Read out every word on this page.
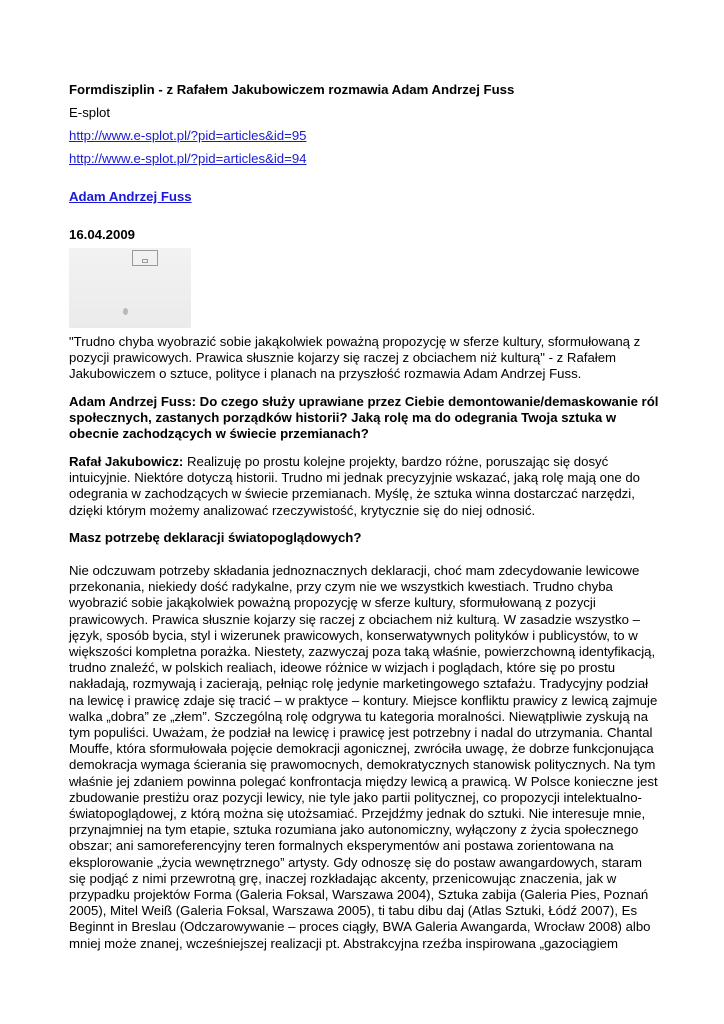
Formdisziplin - z Rafałem Jakubowiczem rozmawia Adam Andrzej Fuss
E-splot
http://www.e-splot.pl/?pid=articles&id=95
http://www.e-splot.pl/?pid=articles&id=94
Adam Andrzej Fuss
16.04.2009
"Trudno chyba wyobrazić sobie jakąkolwiek poważną propozycję w sferze kultury, sformułowaną z pozycji prawicowych. Prawica słusznie kojarzy się raczej z obciachem niż kulturą" - z Rafałem Jakubowiczem o sztuce, polityce i planach na przyszłość rozmawia Adam Andrzej Fuss.
Adam Andrzej Fuss: Do czego służy uprawiane przez Ciebie demontowanie/demaskowanie ról społecznych, zastanych porządków historii? Jaką rolę ma do odegrania Twoja sztuka w obecnie zachodzących w świecie przemianach?
Rafał Jakubowicz: Realizuję po prostu kolejne projekty, bardzo różne, poruszając się dosyć intuicyjnie. Niektóre dotyczą historii. Trudno mi jednak precyzyjnie wskazać, jaką rolę mają one do odegrania w zachodzących w świecie przemianach. Myślę, że sztuka winna dostarczać narzędzi, dzięki którym możemy analizować rzeczywistość, krytycznie się do niej odnosić.
Masz potrzebę deklaracji światopoglądowych?
Nie odczuwam potrzeby składania jednoznacznych deklaracji, choć mam zdecydowanie lewicowe przekonania, niekiedy dość radykalne, przy czym nie we wszystkich kwestiach. Trudno chyba wyobrazić sobie jakąkolwiek poważną propozycję w sferze kultury, sformułowaną z pozycji prawicowych. Prawica słusznie kojarzy się raczej z obciachem niż kulturą. W zasadzie wszystko – język, sposób bycia, styl i wizerunek prawicowych, konserwatywnych polityków i publicystów, to w większości kompletna porażka. Niestety, zazwyczaj poza taką właśnie, powierzchowną identyfikacją, trudno znaleźć, w polskich realiach, ideowe różnice w wizjach i poglądach, które się po prostu nakładają, rozmywają i zacierają, pełniąc rolę jedynie marketingowego sztafażu. Tradycyjny podział na lewicę i prawicę zdaje się tracić – w praktyce – kontury. Miejsce konfliktu prawicy z lewicą zajmuje walka „dobra” ze „złem”. Szczególną rolę odgrywa tu kategoria moralności. Niewątpliwie zyskują na tym populiści. Uważam, że podział na lewicę i prawicę jest potrzebny i nadal do utrzymania. Chantal Mouffe, która sformułowała pojęcie demokracji agonicznej, zwróciła uwagę, że dobrze funkcjonująca demokracja wymaga ścierania się prawomocnych, demokratycznych stanowisk politycznych. Na tym właśnie jej zdaniem powinna polegać konfrontacja między lewicą a prawicą. W Polsce konieczne jest zbudowanie prestiżu oraz pozycji lewicy, nie tyle jako partii politycznej, co propozycji intelektualno-światopoglądowej, z którą można się utożsamiać. Przejdźmy jednak do sztuki. Nie interesuje mnie, przynajmniej na tym etapie, sztuka rozumiana jako autonomiczny, wyłączony z życia społecznego obszar; ani samoreferencyjny teren formalnych eksperymentów ani postawa zorientowana na eksplorowanie „życia wewnętrznego” artysty. Gdy odnoszę się do postaw awangardowych, staram się podjąć z nimi przewrotną grę, inaczej rozkładając akcenty, przenicowując znaczenia, jak w przypadku projektów Forma (Galeria Foksal, Warszawa 2004), Sztuka zabija (Galeria Pies, Poznań 2005), Mitel Weiß (Galeria Foksal, Warszawa 2005), ti tabu dibu daj (Atlas Sztuki, Łódź 2007), Es Beginnt in Breslau (Odczarowywanie – proces ciągły, BWA Galeria Awangarda, Wrocław 2008) albo mniej może znanej, wcześniejszej realizacji pt. Abstrakcyjna rzeźba inspirowana „gazociągiem
